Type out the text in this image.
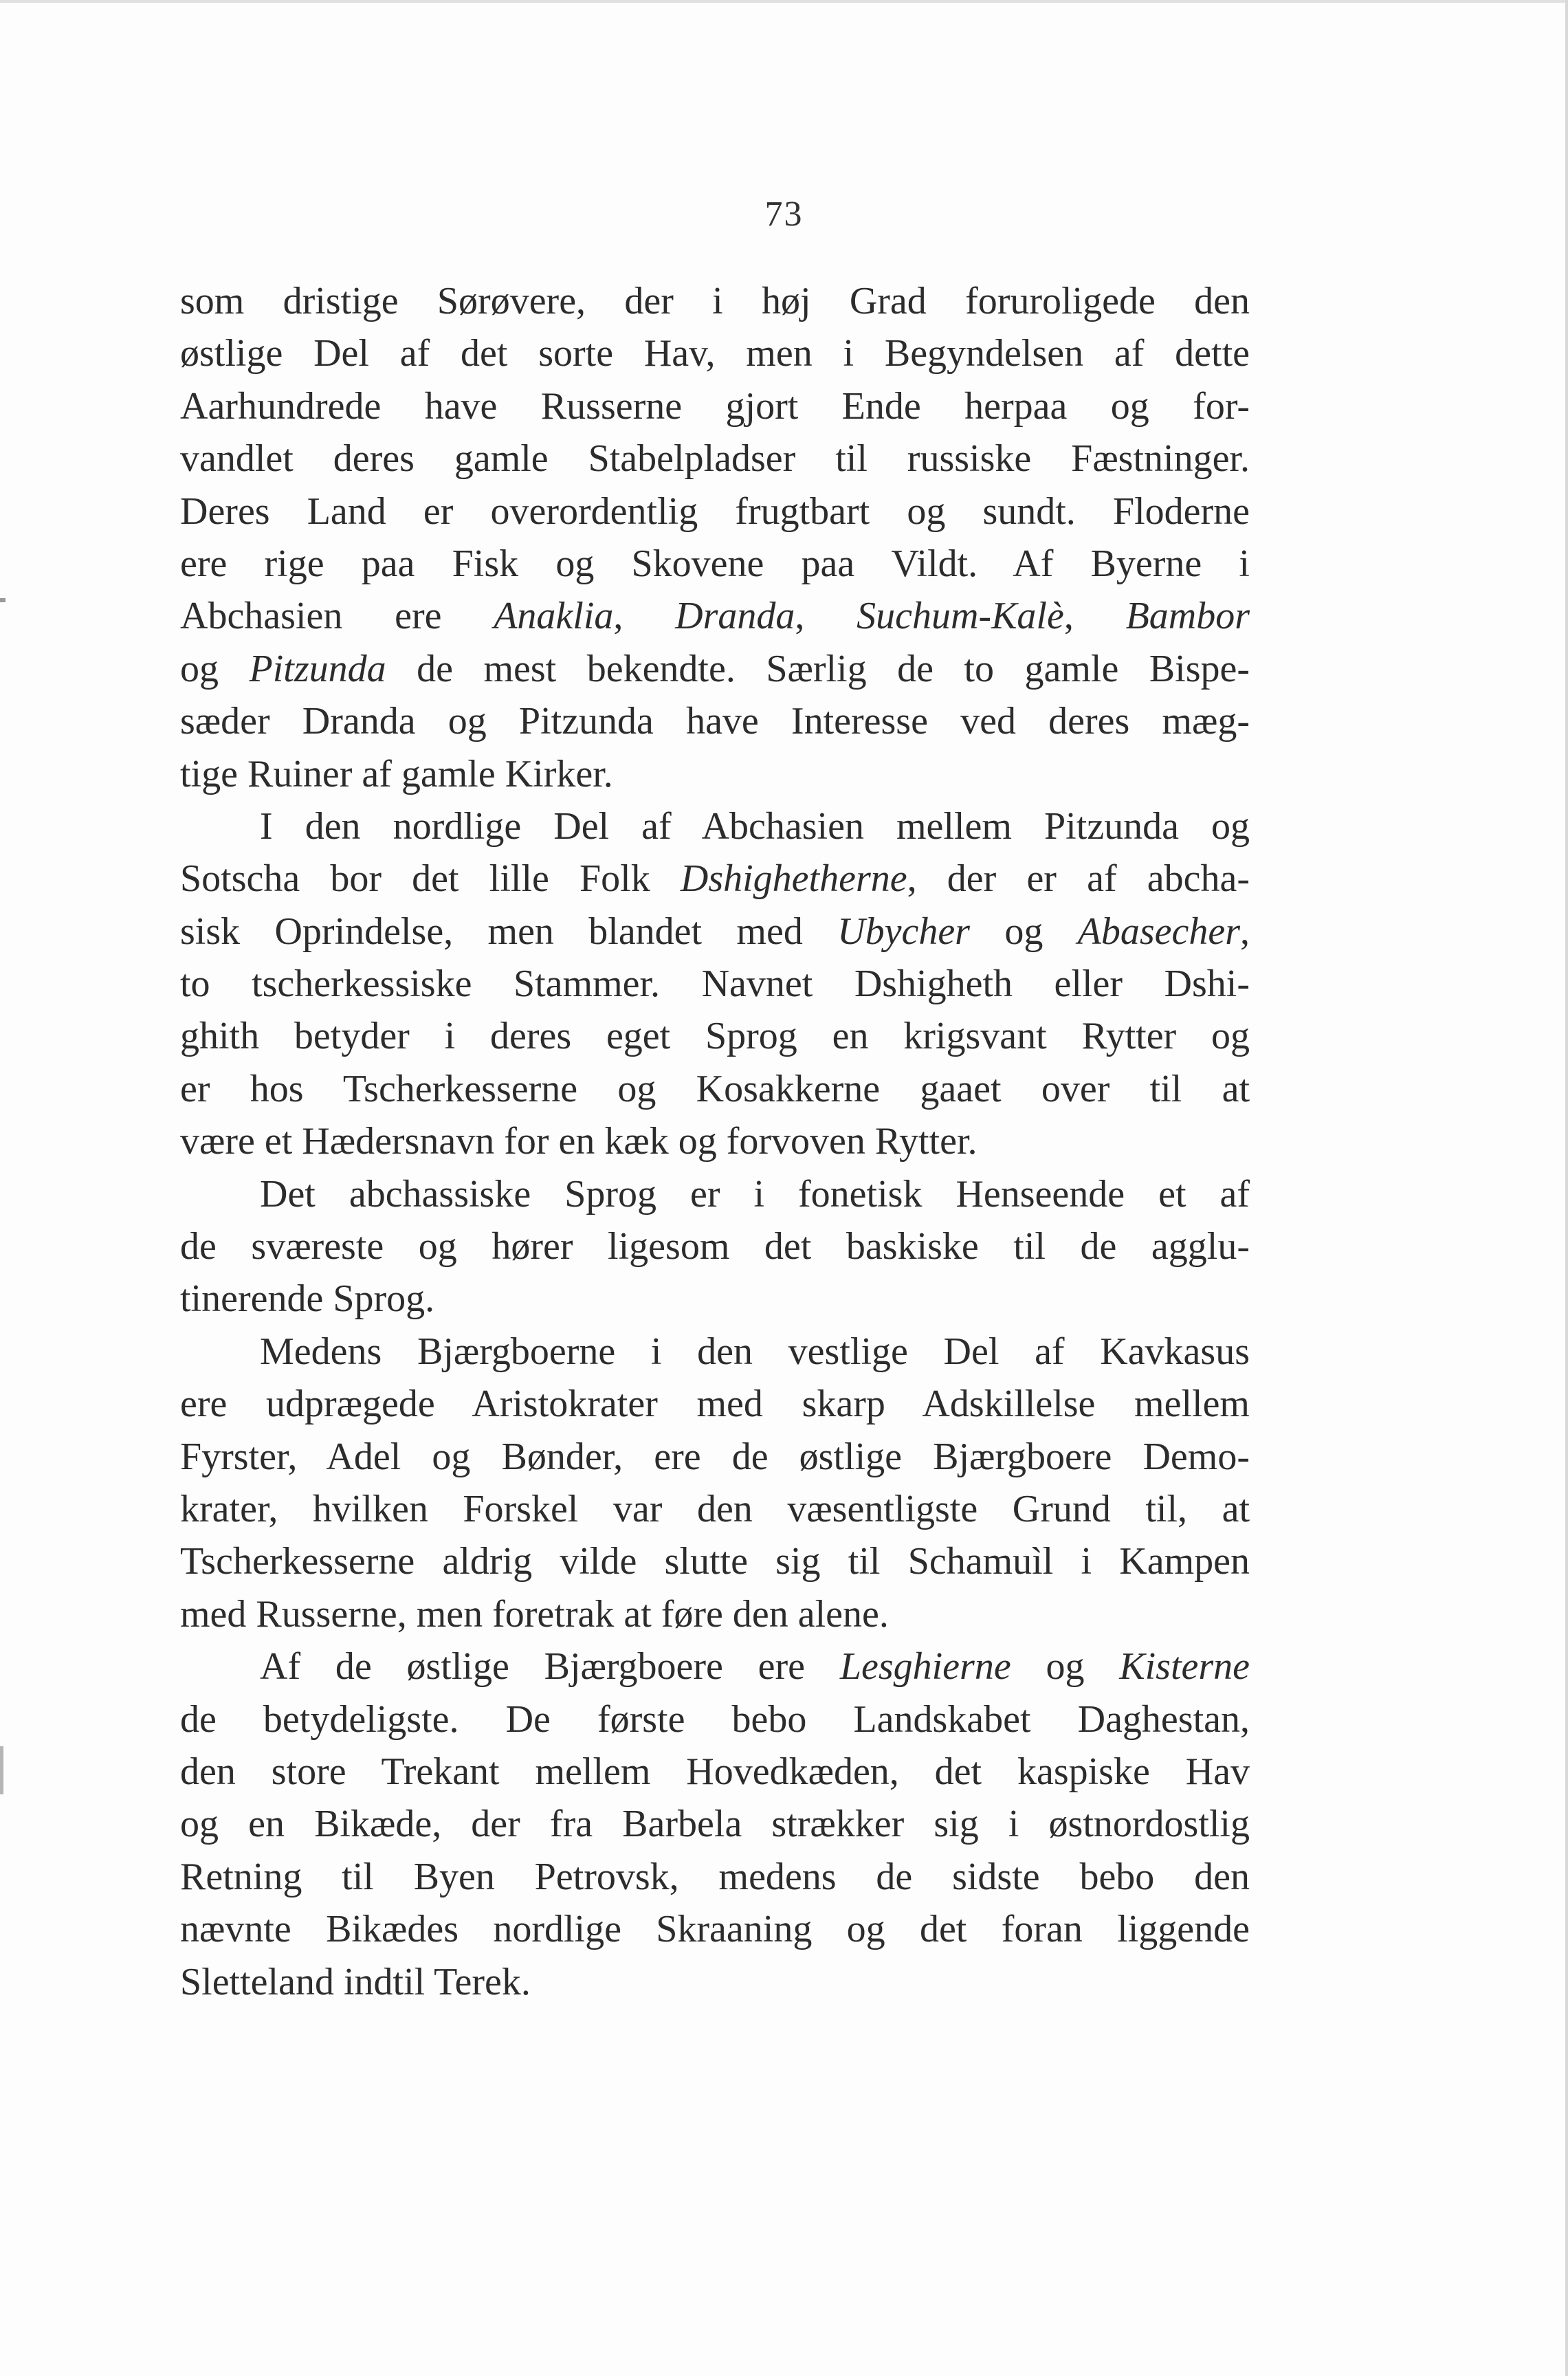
73
som dristige Sørøvere, der i høj Grad foruroligede den
østlige Del af det sorte Hav, men i Begyndelsen af dette
Aarhundrede have Russerne gjort Ende herpaa og for-
vandlet deres gamle Stabelpladser til russiske Fæstninger.
Deres Land er overordentlig frugtbart og sundt. Floderne
ere rige paa Fisk og Skovene paa Vildt. Af Byerne i
Abchasien ere Anaklia, Dranda, Suchum-Kalè, Bambor
og Pitzunda de mest bekendte. Særlig de to gamle Bispe-
sæder Dranda og Pitzunda have Interesse ved deres mæg-
tige Ruiner af gamle Kirker.
I den nordlige Del af Abchasien mellem Pitzunda og
Sotscha bor det lille Folk Dshighetherne, der er af abcha-
sisk Oprindelse, men blandet med Ubycher og Abasecher,
to tscherkessiske Stammer. Navnet Dshigheth eller Dshi-
ghith betyder i deres eget Sprog en krigsvant Rytter og
er hos Tscherkesserne og Kosakkerne gaaet over til at
være et Hædersnavn for en kæk og forvoven Rytter.
Det abchassiske Sprog er i fonetisk Henseende et af
de sværeste og hører ligesom det baskiske til de agglu-
tinerende Sprog.
Medens Bjærgboerne i den vestlige Del af Kavkasus
ere udprægede Aristokrater med skarp Adskillelse mellem
Fyrster, Adel og Bønder, ere de østlige Bjærgboere Demo-
krater, hvilken Forskel var den væsentligste Grund til, at
Tscherkesserne aldrig vilde slutte sig til Schamuìl i Kampen
med Russerne, men foretrak at føre den alene.
Af de østlige Bjærgboere ere Lesghierne og Kisterne
de betydeligste. De første bebo Landskabet Daghestan,
den store Trekant mellem Hovedkæden, det kaspiske Hav
og en Bikæde, der fra Barbela strækker sig i østnordostlig
Retning til Byen Petrovsk, medens de sidste bebo den
nævnte Bikædes nordlige Skraaning og det foran liggende
Sletteland indtil Terek.
